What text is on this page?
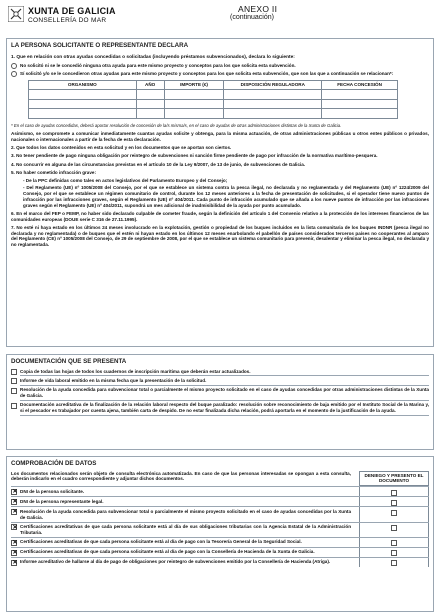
XUNTA DE GALICIA
CONSELLERÍA DO MAR
ANEXO II
(continuación)
LA PERSONA SOLICITANTE O REPRESENTANTE DECLARA
1. Que en relación con otras ayudas concedidas o solicitadas (incluyendo préstamos subvencionados), declara lo siguiente:
No solicitó ni se le concedió ninguna otra ayuda para este mismo proyecto y conceptos para los que solicita esta subvención.
Sí solicitó y/o se le concedieron otras ayudas para este mismo proyecto y conceptos para los que solicita esta subvención, que son las que a continuación se relacionan*:
ORGANISMO	AÑO	IMPORTE (€)	DISPOSICIÓN REGULADORA	FECHA CONCESIÓN

* En el caso de ayudas concedidas, deberá aportar resolución de concesión de la/s misma/s, en el caso de ayudas de otras administraciones distintas de la Xunta de Galicia.
Asimismo, se compromete a comunicar inmediatamente cuantas ayudas solicite y obtenga, para la misma actuación, de otras administraciones públicas u otros entes públicos o privados, nacionales o internacionales a partir de la fecha de esta declaración.
2. Que todos los datos contenidos en esta solicitud y en los documentos que se aportan son ciertos.
3. No tener pendiente de pago ninguna obligación por reintegro de subvenciones ni sanción firme pendiente de pago por infracción de la normativa marítimo-pesquera.
4. No concurrir en alguna de las circunstancias previstas en el artículo 10 de la Ley 9/2007, de 13 de junio, de subvenciones de Galicia.
5. No haber cometido infracción grave:
- De la PPC definidas como tales en actos legislativos del Parlamento Europeo y del Consejo;
- Del Reglamento (UE) nº 1005/2008 del Consejo, por el que se establece un sistema contra la pesca ilegal, no declarada y no reglamentada y del Reglamento (UE) nº 1224/2009 del Consejo, por el que se establece un régimen comunitario de control, durante los 12 meses anteriores a la fecha de presentación de solicitudes, si el operador tiene nuevo puntos de infracción por las infracciones graves, según el Reglamento (UE) nº 404/2011. Cada punto de infracción acumulado que se añada a los nueve puntos de infracción por las infracciones graves según el Reglamento (UE) nº 404/2011, supondrá un mes adicional de inadmisibilidad de la ayuda por punto acumulado.
6. En el marco del FEP o FEMP, no haber sido declarado culpable de cometer fraude, según la definición del artículo 1 del Convenio relativo a la protección de los intereses financieros de las comunidades europeas (DOUE serie C 316 de 27.11.1995).
7. No esté ni haya estado en los últimos 24 meses involucrado en la explotación, gestión o propiedad de los buques incluidos en la lista comunitaria de los buques INDNR (pesca ilegal no declarada y no reglamentada) o de buques que el estén ni hayan estado en los últimos 12 meses enarbolando el pabellón de países considerados terceros países no cooperantes al amparo del Reglamento (CE) nº 1005/2008 del Consejo, de 29 de septiembre de 2008, por el que se establece un sistema comunitario para prevenir, desalentar y eliminar la pesca ilegal, no declarada y no reglamentada.
DOCUMENTACIÓN QUE SE PRESENTA
Copia de todas las hojas de todos los cuadernos de inscripción marítima que deberán estar actualizados.
Informe de vida laboral emitido en la misma fecha que la presentación de la solicitud.
Resolución de la ayuda concedida para subvencionar total o parcialmente el mismo proyecto solicitado en el caso de ayudas concedidas por otras administraciones distintas de la Xunta de Galicia.
Documentación acreditativa de la finalización de la relación laboral respecto del buque paralizado: resolución sobre reconocimiento de baja emitido por el Instituto Social de la Marina y, si el pescador es trabajador por cuenta ajena, también carta de despido. De no estar finalizada dicha relación, podrá aportarla en el momento de la justificación de la ayuda.
COMPROBACIÓN DE DATOS
Los documentos relacionados serán objeto de consulta electrónica automatizada. En caso de que las personas interesadas se opongan a esta consulta, deberán indicarlo en el cuadro correspondiente y adjuntar dichos documentos.
DENIEGO Y PRESENTO EL DOCUMENTO
✕
DNI de la persona solicitante.
✕
DNI de la persona representante legal.
✕
Resolución de la ayuda concedida para subvencionar total o parcialmente el mismo proyecto solicitado en el caso de ayudas concedidas por la Xunta de Galicia.
✕
Certificaciones acreditativas de que cada persona solicitante está al día de sus obligaciones tributarias con la Agencia Estatal de la Administración Tributaria.
✕
Certificaciones acreditativas de que cada persona solicitante está al día de pago con la Tesorería General de la Seguridad Social.
✕
Certificaciones acreditativas de que cada persona solicitante está al día de pago con la Consellería de Hacienda de la Xunta de Galicia.
✕
Informe acreditativo de hallarse al día de pago de obligaciones por reintegro de subvenciones emitido por la Consellería de Hacienda (Atriga).
